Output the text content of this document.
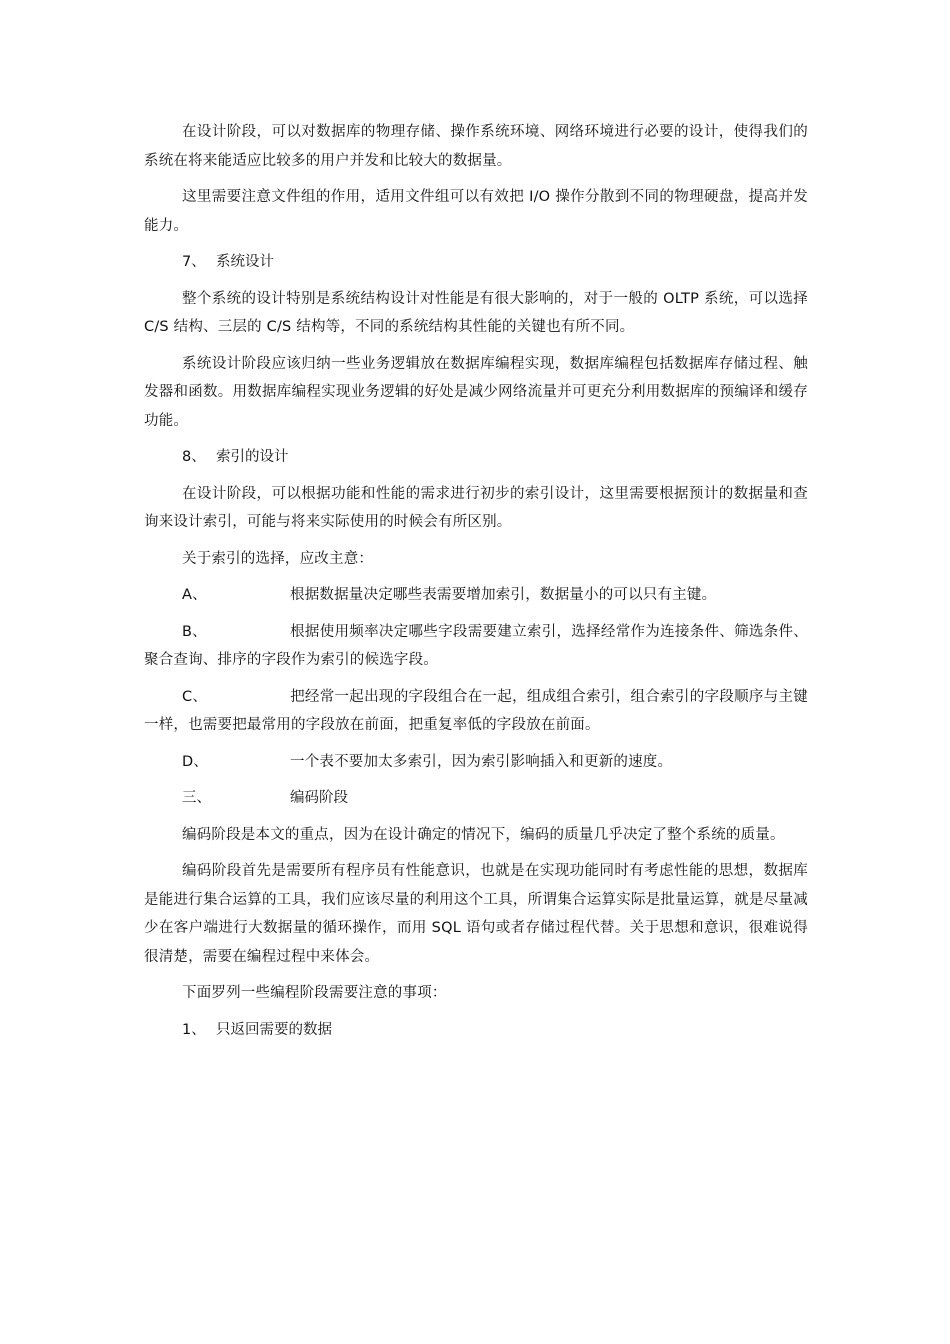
在设计阶段，可以对数据库的物理存储、操作系统环境、网络环境进行必要的设计，使得我们的系统在将来能适应比较多的用户并发和比较大的数据量。

这里需要注意文件组的作用，适用文件组可以有效把 I/O 操作分散到不同的物理硬盘，提高并发能力。

7、 系统设计

整个系统的设计特别是系统结构设计对性能是有很大影响的，对于一般的 OLTP 系统，可以选择 C/S 结构、三层的 C/S 结构等，不同的系统结构其性能的关键也有所不同。

系统设计阶段应该归纳一些业务逻辑放在数据库编程实现，数据库编程包括数据库存储过程、触发器和函数。用数据库编程实现业务逻辑的好处是减少网络流量并可更充分利用数据库的预编译和缓存功能。

8、 索引的设计

在设计阶段，可以根据功能和性能的需求进行初步的索引设计，这里需要根据预计的数据量和查询来设计索引，可能与将来实际使用的时候会有所区别。

关于索引的选择，应改主意：

A、	根据数据量决定哪些表需要增加索引，数据量小的可以只有主键。

B、	根据使用频率决定哪些字段需要建立索引，选择经常作为连接条件、筛选条件、聚合查询、排序的字段作为索引的候选字段。

C、	把经常一起出现的字段组合在一起，组成组合索引，组合索引的字段顺序与主键一样，也需要把最常用的字段放在前面，把重复率低的字段放在前面。

D、	一个表不要加太多索引，因为索引影响插入和更新的速度。

三、	编码阶段

编码阶段是本文的重点，因为在设计确定的情况下，编码的质量几乎决定了整个系统的质量。

编码阶段首先是需要所有程序员有性能意识，也就是在实现功能同时有考虑性能的思想，数据库是能进行集合运算的工具，我们应该尽量的利用这个工具，所谓集合运算实际是批量运算，就是尽量减少在客户端进行大数据量的循环操作，而用 SQL 语句或者存储过程代替。关于思想和意识，很难说得很清楚，需要在编程过程中来体会。

下面罗列一些编程阶段需要注意的事项：

1、 只返回需要的数据
